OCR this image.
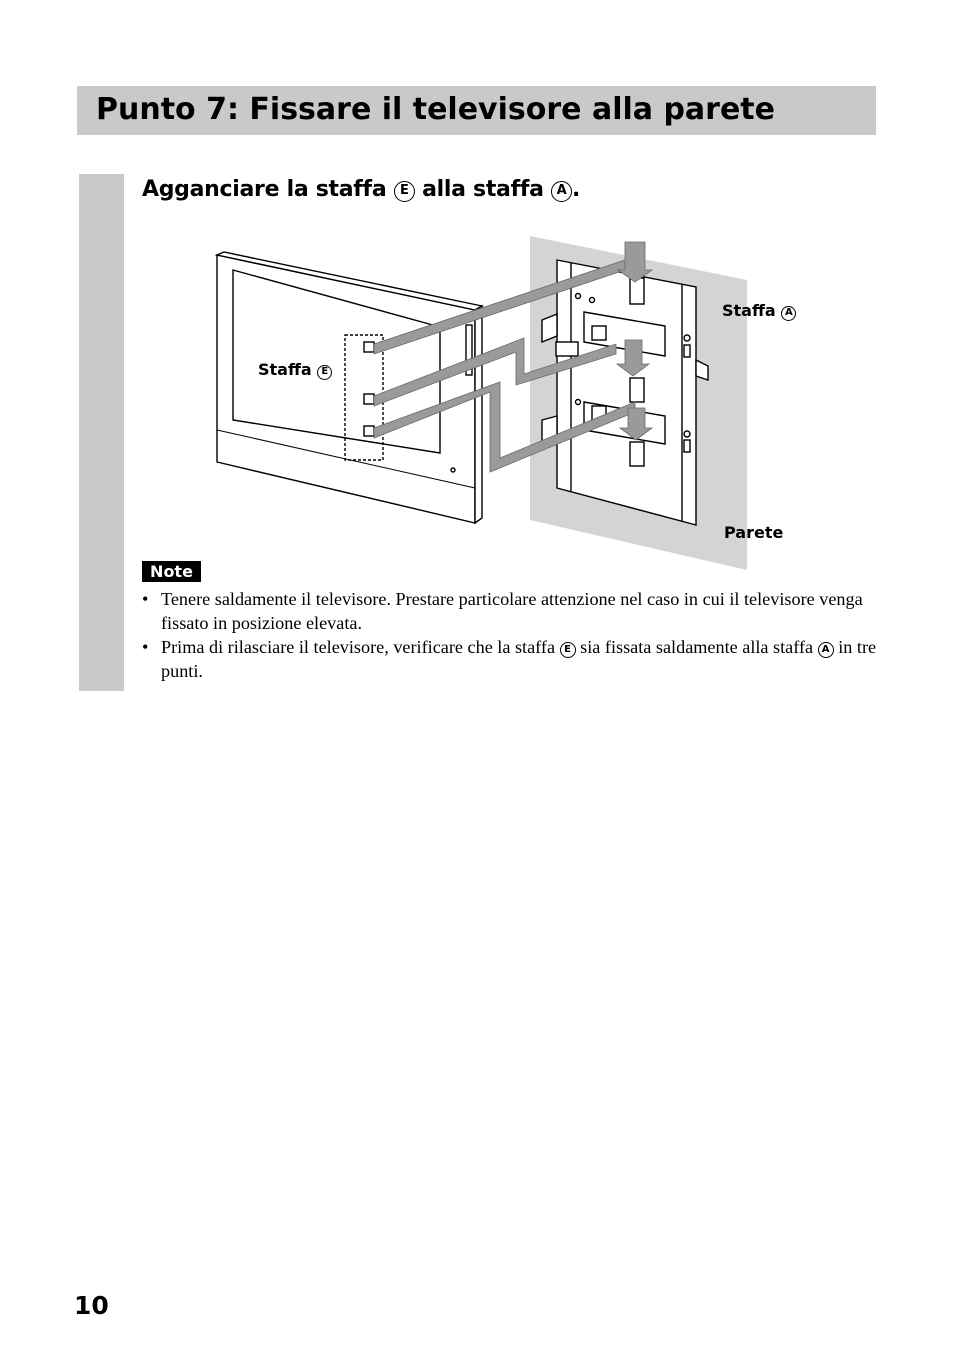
Punto 7: Fissare il televisore alla parete
Agganciare la staffa E alla staffa A .
Staffa A
Staffa E
Parete
Note
• Tenere saldamente il televisore. Prestare particolare attenzione nel caso in cui il televisore venga fissato in posizione elevata.
• Prima di rilasciare il televisore, verificare che la staffa E sia fissata saldamente alla staffa A in tre punti.
10
